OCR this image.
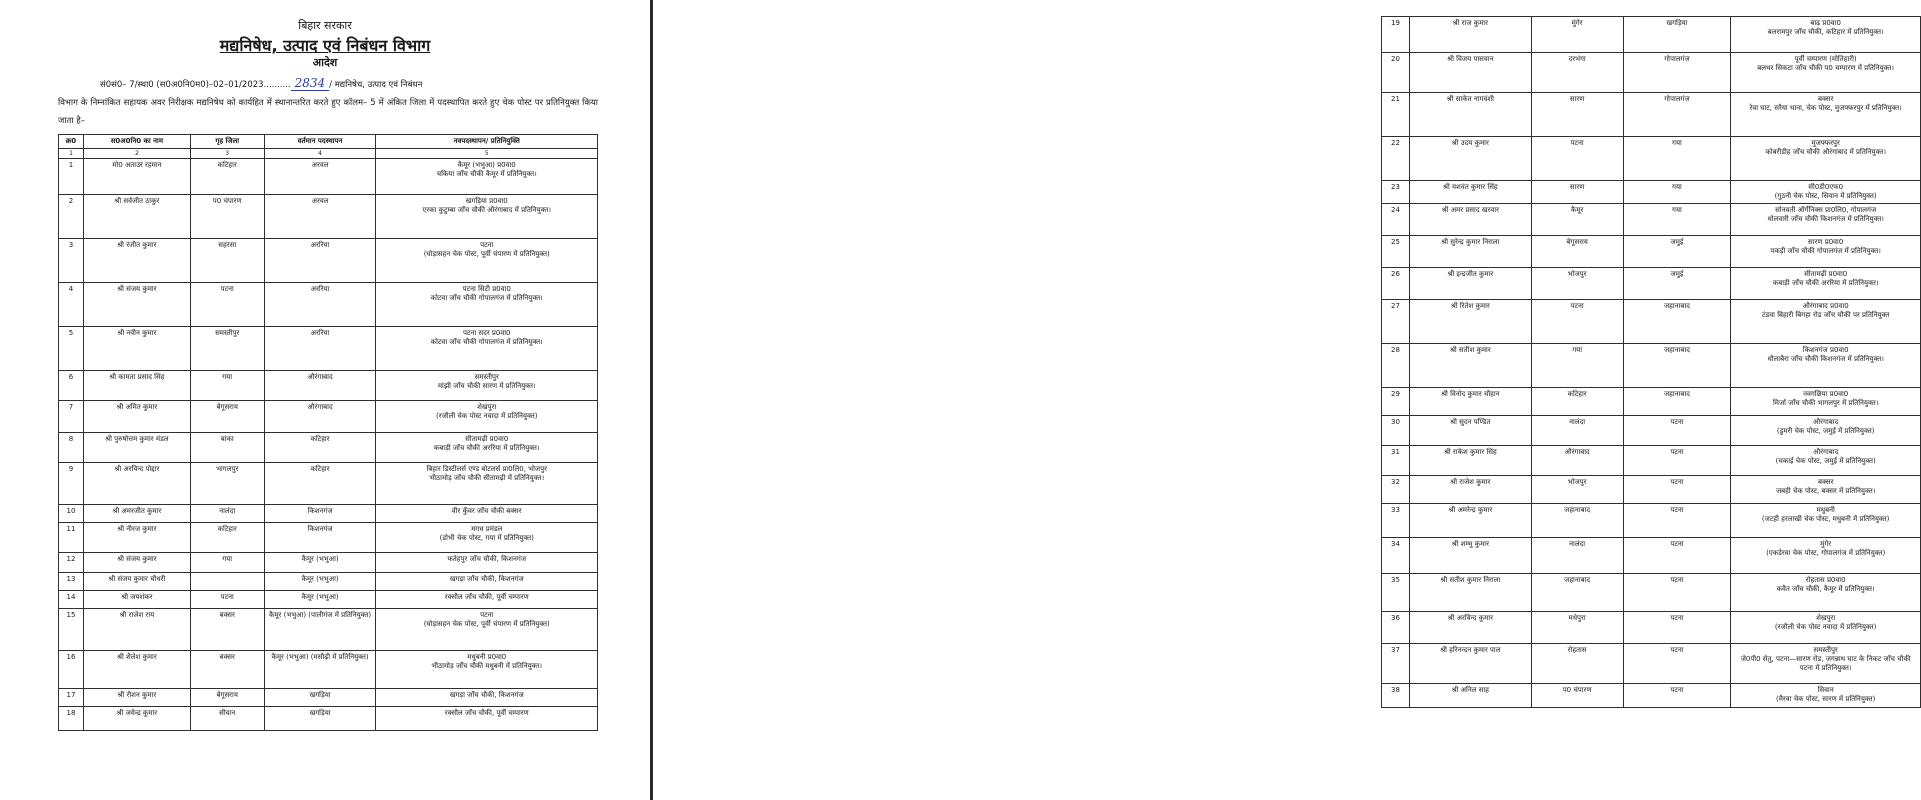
बिहार सरकार
मद्यनिषेध, उत्पाद एवं निबंधन विभाग
आदेश
सं0सं0– 7/स्था0 (स0अ0नि0म0)–02–01/2023.......... 2834 / मद्यनिषेध, उत्पाद एवं निबंधन
विभाग के निम्नांकित सहायक अवर निरीक्षक मद्यनिषेध को कार्यहित में स्थानान्तरित करते हुए कॉलम– 5 में अंकित जिला में पदस्थापित करते हुए चेक पोस्ट पर प्रतिनियुक्त किया जाता है–
क्र0	स0अ0नि0 का नाम	गृह जिला	वर्तमान पदस्थापन	नवपदस्थापन/ प्रतिनियुक्ति
1	2	3	4	5
1	मो0 अताउर रहमान	कटिहार	अरवल	कैमूर (भभुआ) प्र0वा0
चकिया जाँच चौकी कैमूर में प्रतिनियुक्त।
2	श्री सर्वजीत ठाकुर	प0 चंपारण	अरवल	खगड़िया प्र0वा0
एरका कुटुम्बा जाँच चौकी औरंगाबाद में प्रतिनियुक्त।
3	श्री रंजीत कुमार	सहरसा	अररिया	पटना
(घोड़ासहन चेक पोस्ट, पूर्वी चंपारण में प्रतिनियुक्त)
4	श्री संजय कुमार	पटना	अररिया	पटना सिटी प्र0वा0
कोटवा जाँच चौकी गोपालगंज में प्रतिनियुक्त।
5	श्री नवीन कुमार	समस्तीपुर	अररिया	पटना सदर प्र0वा0
कोटवा जाँच चौकी गोपालगंज में प्रतिनियुक्त।
6	श्री कामता प्रसाद सिंह	गया	औरंगाबाद	समस्तीपुर
मांझी जाँच चौकी सारण में प्रतिनियुक्त।
7	श्री अमित कुमार	बेगूसराय	औरंगाबाद	शेखपुरा
(रजौली चेक पोस्ट नवादा में प्रतिनियुक्त)
8	श्री पुरुषोत्तम कुमार मंडल	बांका	कटिहार	सीतामढ़ी प्र0वा0
कबाड़ी जाँच चौकी अररिया में प्रतिनियुक्त।
9	श्री अरविन्द पोद्दार	भागलपुर	कटिहार	बिहार डिस्टीलर्स एण्ड बोटलर्स प्रा0लि0, भोजपुर
भीठामोड़ जाँच चौकी सीतामढ़ी में प्रतिनियुक्त।
10	श्री अमरजीत कुमार	नालंदा	किशनगंज	वीर कुँवर जाँच चौकी बक्सर
11	श्री नीरज कुमार	कटिहार	किशनगंज	मगध प्रमंडल
(डोभी चेक पोस्ट, गया में प्रतिनियुक्त)
12	श्री संजय कुमार	गया	कैमूर (भभुआ)	फतेहपुर जाँच चौकी, किशनगंज
13	श्री संजय कुमार चौधरी		कैमूर (भभुआ)	खगड़ा जाँच चौकी, किशनगंज
14	श्री जयशंकर	पटना	कैमूर (भभुआ)	रक्सौल जाँच चौकी, पूर्वी चम्पारण
15	श्री राजेश राय	बक्सर	कैमूर (भभुआ) (पालीगंज में प्रतिनियुक्त)	पटना
(घोड़ासहन चेक पोस्ट, पूर्वी चंपारण में प्रतिनियुक्त)
16	श्री शैलेश कुमार	बक्सर	कैमूर (भभुआ) (मसौढ़ी में प्रतिनियुक्त)	मधुबनी प्र0वा0
भीठामोड़ जाँच चौकी मधुबनी में प्रतिनियुक्त।
17	श्री रौशन कुमार	बेगूसराय	खगड़िया	खगड़ा जाँच चौकी, किशनगंज
18	श्री जयेन्द्र कुमार	सीवान	खगड़िया	रक्सौल जाँच चौकी, पूर्वी चम्पारण
19	श्री राज कुमार	मुंगेर	खगड़िया	बाढ़ प्र0वा0
बलरामपुर जाँच चौकी, कटिहार में प्रतिनियुक्त।
20	श्री विजय पासवान	दरभंगा	गोपालगंज	पूर्वी चम्पारण (मोतिहारी)
बलथर सिकटा जाँच चौकी प0 चम्पारण में प्रतिनियुक्त।
21	श्री साकेत नागवंशी	सारण	गोपालगंज	बक्सर
रेवा घाट, सरैया थाना, चेक पोस्ट, मुजफ्फरपुर में प्रतिनियुक्त।
22	श्री उदय कुमार	पटना	गया	मुजफ्फरपुर
कोबरीडीह जाँच चौकी औरंगाबाद में प्रतिनियुक्त।
23	श्री यशवंत कुमार सिंह	सारण	गया	सी0डी0एफ0
(गुठनी चेक पोस्ट, सिवान में प्रतिनियुक्त)
24	श्री अमर प्रसाद खरवार	कैमूर	गया	सोनवती ऑर्गेनिक्स प्रा0लि0, गोपालगंज
धोलवारी जाँच चौकी किशनगंज में प्रतिनियुक्त।
25	श्री सुरेन्द्र कुमार निराला	बेगूसराय	जमुई	सारण प्र0वा0
पकड़ी जाँच चौकी गोपालगंज में प्रतिनियुक्त।
26	श्री इन्द्रजीत कुमार	भोजपुर	जमुई	सीतामढ़ी प्र0वा0
कबाड़ी जाँच चौकी अररिया में प्रतिनियुक्त।
27	श्री रितेश कुमार	पटना	जहानाबाद	औरंगाबाद प्र0वा0
टंडवा बिहारी बिगहा रोड जाँच चौकी पर प्रतिनियुक्त
28	श्री सतीश कुमार	गया	जहानाबाद	किशनगंज प्र0वा0
धौलाबैरा जाँच चौकी किशनगंज में प्रतिनियुक्त।
29	श्री विनोद कुमार चौहान	कटिहार	जहानाबाद	नवगछिया प्र0वा0
मिर्जा जाँच चौकी भागलपुर में प्रतिनियुक्त।
30	श्री सुदन पण्डित	नालंदा	पटना	औरंगाबाद
(डुमरी चेक पोस्ट, जमुई में प्रतिनियुक्त)
31	श्री राकेश कुमार सिंह	औरंगाबाद	पटना	औरंगाबाद
(चकाई चेक पोस्ट, जमुई में प्रतिनियुक्त)
32	श्री राजेश कुमार	भोजपुर	पटना	बक्सर
जबही चेक पोस्ट, बक्सर में प्रतिनियुक्त।
33	श्री अमरेन्द्र कुमार	जहानाबाद	पटना	मधुबनी
(जटही हरलाखी चेक पोस्ट, मधुबनी में प्रतिनियुक्त)
34	श्री शम्भु कुमार	नालंदा	पटना	मुंगेर
(एकडेरवा चेक पोस्ट, गोपालगंज में प्रतिनियुक्त)
35	श्री सतीश कुमार निराला	जहानाबाद	पटना	रोहतास प्र0वा0
कवैत जाँच चौकी, कैमूर में प्रतिनियुक्त।
36	श्री अरविन्द कुमार	मधेपुरा	पटना	शेखपुरा
(रजौली चेक पोस्ट नवादा में प्रतिनियुक्त)
37	श्री हरिनन्दन कुमार पाल	रोहतास	पटना	समस्तीपुर
जे0पी0 सेतु, पटना—सारण रोड, जगन्नाथ घाट के निकट जाँच चौकी पटना में प्रतिनियुक्त।
38	श्री अनिल साह	प0 चंपारण	पटना	सिवान
(मैरवा चेक पोस्ट, सारण में प्रतिनियुक्त)
